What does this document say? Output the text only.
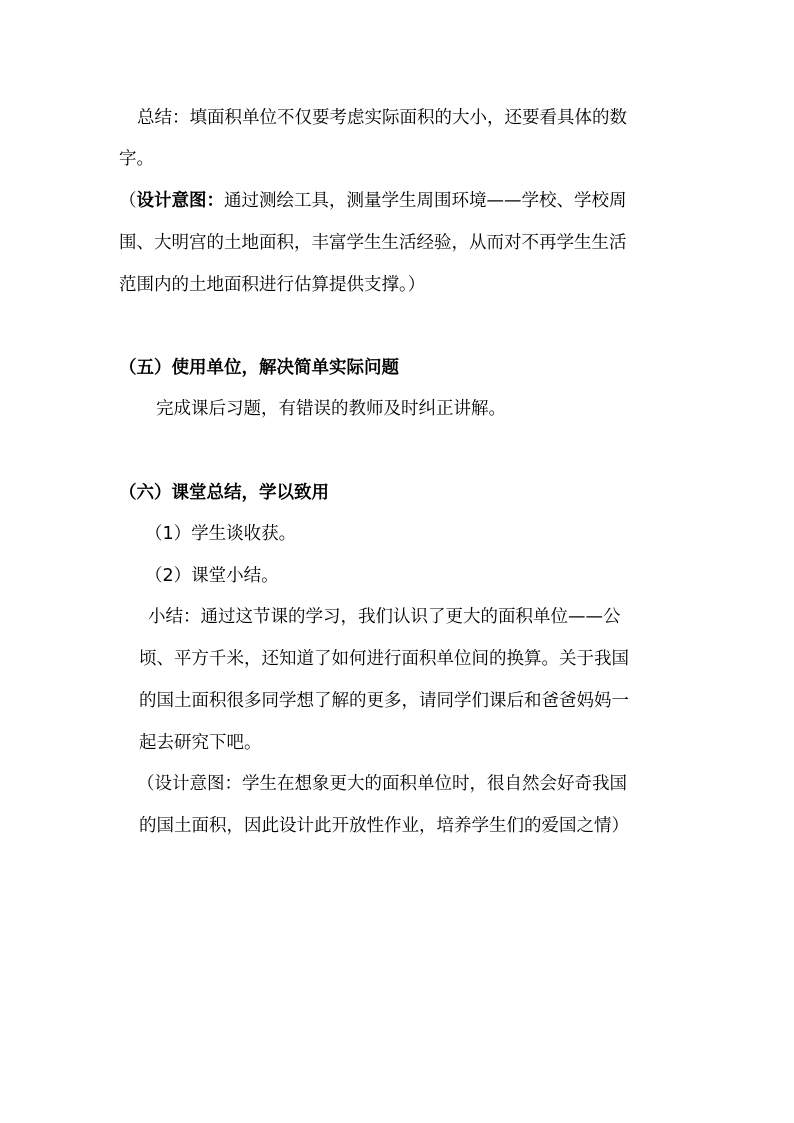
总结：填面积单位不仅要考虑实际面积的大小，还要看具体的数
字。
（设计意图：通过测绘工具，测量学生周围环境——学校、学校周
围、大明宫的土地面积，丰富学生生活经验，从而对不再学生生活
范围内的土地面积进行估算提供支撑。）
（五）使用单位，解决简单实际问题
完成课后习题，有错误的教师及时纠正讲解。
（六）课堂总结，学以致用
（1）学生谈收获。
（2）课堂小结。
小结：通过这节课的学习，我们认识了更大的面积单位——公
顷、平方千米，还知道了如何进行面积单位间的换算。关于我国
的国土面积很多同学想了解的更多，请同学们课后和爸爸妈妈一
起去研究下吧。
（设计意图：学生在想象更大的面积单位时，很自然会好奇我国
的国土面积，因此设计此开放性作业，培养学生们的爱国之情）
